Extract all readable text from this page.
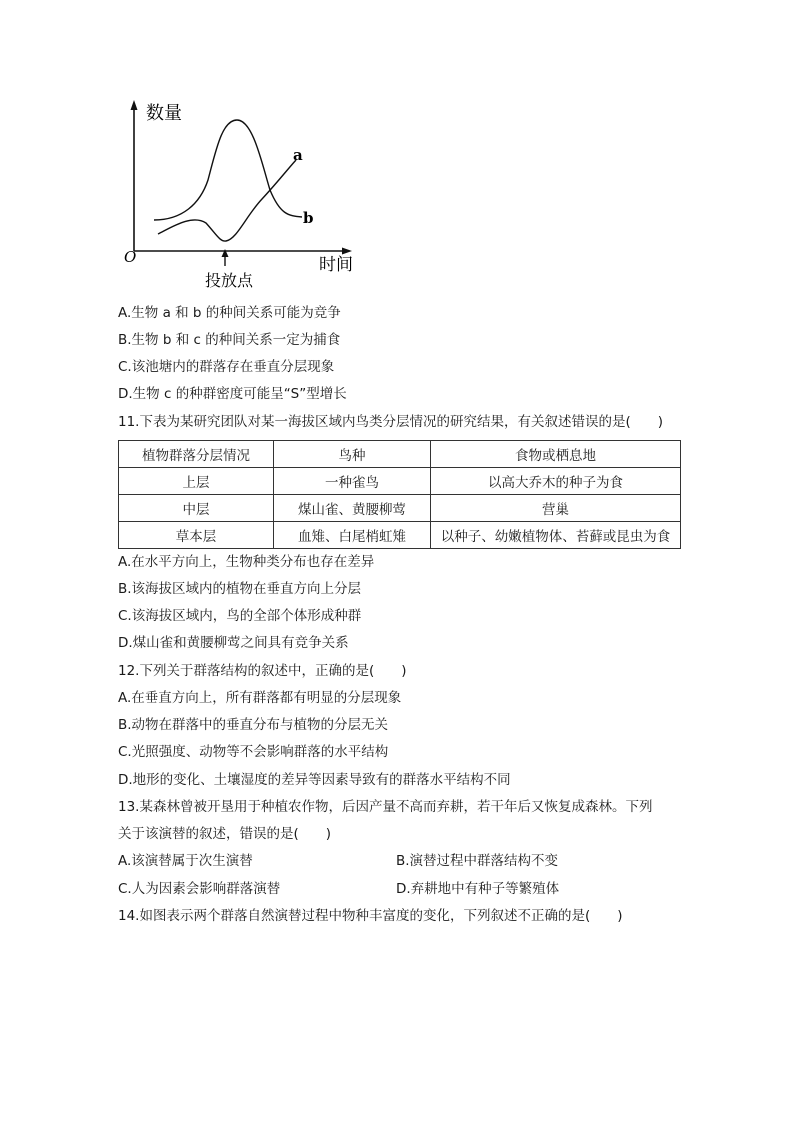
数量
时间
O
投放点
a
b
A.生物 a 和 b 的种间关系可能为竞争
B.生物 b 和 c 的种间关系一定为捕食
C.该池塘内的群落存在垂直分层现象
D.生物 c 的种群密度可能呈“S”型增长
11.下表为某研究团队对某一海拔区域内鸟类分层情况的研究结果，有关叙述错误的是(　　)
植物群落分层情况	鸟种	食物或栖息地
上层	一种雀鸟	以高大乔木的种子为食
中层	煤山雀、黄腰柳莺	营巢
草本层	血雉、白尾梢虹雉	以种子、幼嫩植物体、苔藓或昆虫为食
A.在水平方向上，生物种类分布也存在差异
B.该海拔区域内的植物在垂直方向上分层
C.该海拔区域内，鸟的全部个体形成种群
D.煤山雀和黄腰柳莺之间具有竞争关系
12.下列关于群落结构的叙述中，正确的是(　　)
A.在垂直方向上，所有群落都有明显的分层现象
B.动物在群落中的垂直分布与植物的分层无关
C.光照强度、动物等不会影响群落的水平结构
D.地形的变化、土壤湿度的差异等因素导致有的群落水平结构不同
13.某森林曾被开垦用于种植农作物，后因产量不高而弃耕，若干年后又恢复成森林。下列
关于该演替的叙述，错误的是(　　)
A.该演替属于次生演替	B.演替过程中群落结构不变
C.人为因素会影响群落演替	D.弃耕地中有种子等繁殖体
14.如图表示两个群落自然演替过程中物种丰富度的变化，下列叙述不正确的是(　　)
